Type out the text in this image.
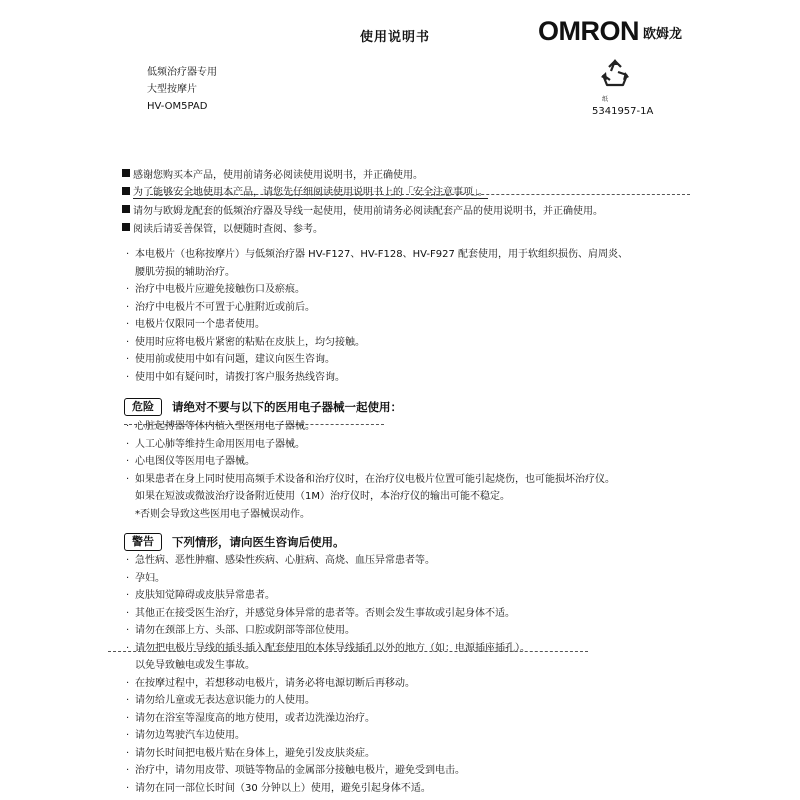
使用说明书	OMRON 欧姆龙
纸
5341957-1A
低频治疗器专用
大型按摩片
HV-OM5PAD
感谢您购买本产品，使用前请务必阅读使用说明书，并正确使用。
为了能够安全地使用本产品，请您先仔细阅读使用说明书上的「安全注意事项」。
请勿与欧姆龙配套的低频治疗器及导线一起使用，使用前请务必阅读配套产品的使用说明书，并正确使用。
阅读后请妥善保管，以便随时查阅、参考。
· 本电极片（也称按摩片）与低频治疗器 HV-F127、HV-F128、HV-F927 配套使用，用于软组织损伤、肩周炎、
腰肌劳损的辅助治疗。
· 治疗中电极片应避免接触伤口及瘀痕。
· 治疗中电极片不可置于心脏附近或前后。
· 电极片仅限同一个患者使用。
· 使用时应将电极片紧密的粘贴在皮肤上，均匀接触。
· 使用前或使用中如有问题，建议向医生咨询。
· 使用中如有疑问时，请拨打客户服务热线咨询。
危险	请绝对不要与以下的医用电子器械一起使用：
· 心脏起搏器等体内植入型医用电子器械。
· 人工心肺等维持生命用医用电子器械。
· 心电图仪等医用电子器械。
· 如果患者在身上同时使用高频手术设备和治疗仪时，在治疗仪电极片位置可能引起烧伤，也可能损坏治疗仪。
如果在短波或微波治疗设备附近使用（1M）治疗仪时，本治疗仪的输出可能不稳定。
*否则会导致这些医用电子器械误动作。
警告	下列情形，请向医生咨询后使用。
· 急性病、恶性肿瘤、感染性疾病、心脏病、高烧、血压异常患者等。
· 孕妇。
· 皮肤知觉障碍或皮肤异常患者。
· 其他正在接受医生治疗，并感觉身体异常的患者等。否则会发生事故或引起身体不适。
· 请勿在颈部上方、头部、口腔或阴部等部位使用。
· 请勿把电极片导线的插头插入配套使用的本体导线插孔以外的地方（如：电源插座插孔）。
以免导致触电或发生事故。
· 在按摩过程中，若想移动电极片，请务必将电源切断后再移动。
· 请勿给儿童或无表达意识能力的人使用。
· 请勿在浴室等湿度高的地方使用，或者边洗澡边治疗。
· 请勿边驾驶汽车边使用。
· 请勿长时间把电极片贴在身体上，避免引发皮肤炎症。
· 治疗中，请勿用皮带、项链等物品的金属部分接触电极片，避免受到电击。
· 请勿在同一部位长时间（30 分钟以上）使用，避免引起身体不适。
